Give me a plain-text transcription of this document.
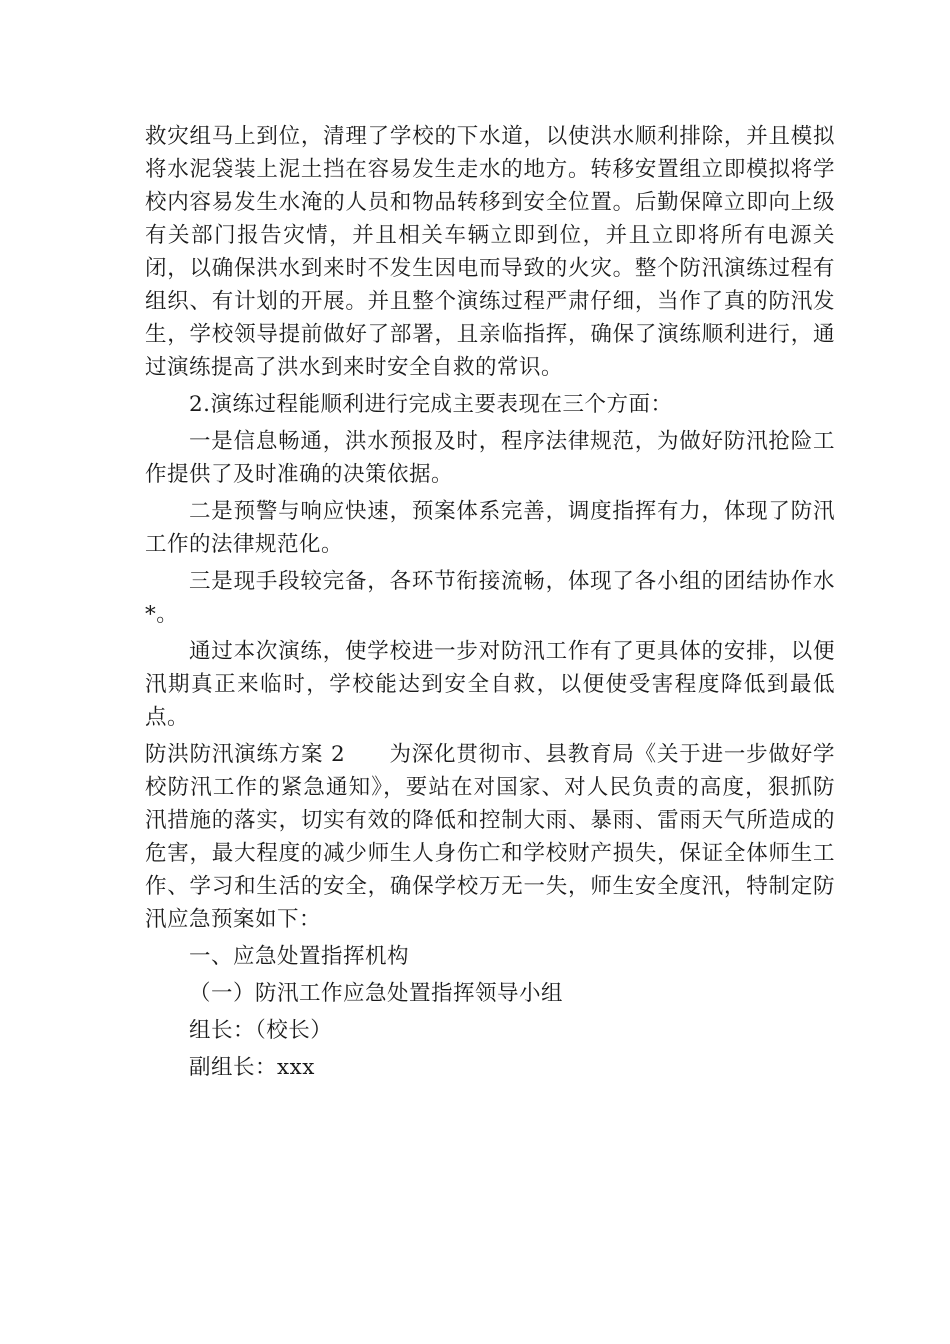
救灾组马上到位，清理了学校的下水道，以使洪水顺利排除，并且模拟将水泥袋装上泥土挡在容易发生走水的地方。转移安置组立即模拟将学校内容易发生水淹的人员和物品转移到安全位置。后勤保障立即向上级有关部门报告灾情，并且相关车辆立即到位，并且立即将所有电源关闭，以确保洪水到来时不发生因电而导致的火灾。整个防汛演练过程有组织、有计划的开展。并且整个演练过程严肃仔细，当作了真的防汛发生，学校领导提前做好了部署，且亲临指挥，确保了演练顺利进行，通过演练提高了洪水到来时安全自救的常识。

2.演练过程能顺利进行完成主要表现在三个方面：

一是信息畅通，洪水预报及时，程序法律规范，为做好防汛抢险工作提供了及时准确的决策依据。

二是预警与响应快速，预案体系完善，调度指挥有力，体现了防汛工作的法律规范化。

三是现手段较完备，各环节衔接流畅，体现了各小组的团结协作水*。

通过本次演练，使学校进一步对防汛工作有了更具体的安排，以便汛期真正来临时，学校能达到安全自救，以便使受害程度降低到最低点。

防洪防汛演练方案 2   为深化贯彻市、县教育局《关于进一步做好学校防汛工作的紧急通知》，要站在对国家、对人民负责的高度，狠抓防汛措施的落实，切实有效的降低和控制大雨、暴雨、雷雨天气所造成的危害，最大程度的减少师生人身伤亡和学校财产损失，保证全体师生工作、学习和生活的安全，确保学校万无一失，师生安全度汛，特制定防汛应急预案如下：

一、应急处置指挥机构

（一）防汛工作应急处置指挥领导小组

组长：（校长）

副组长：xxx
